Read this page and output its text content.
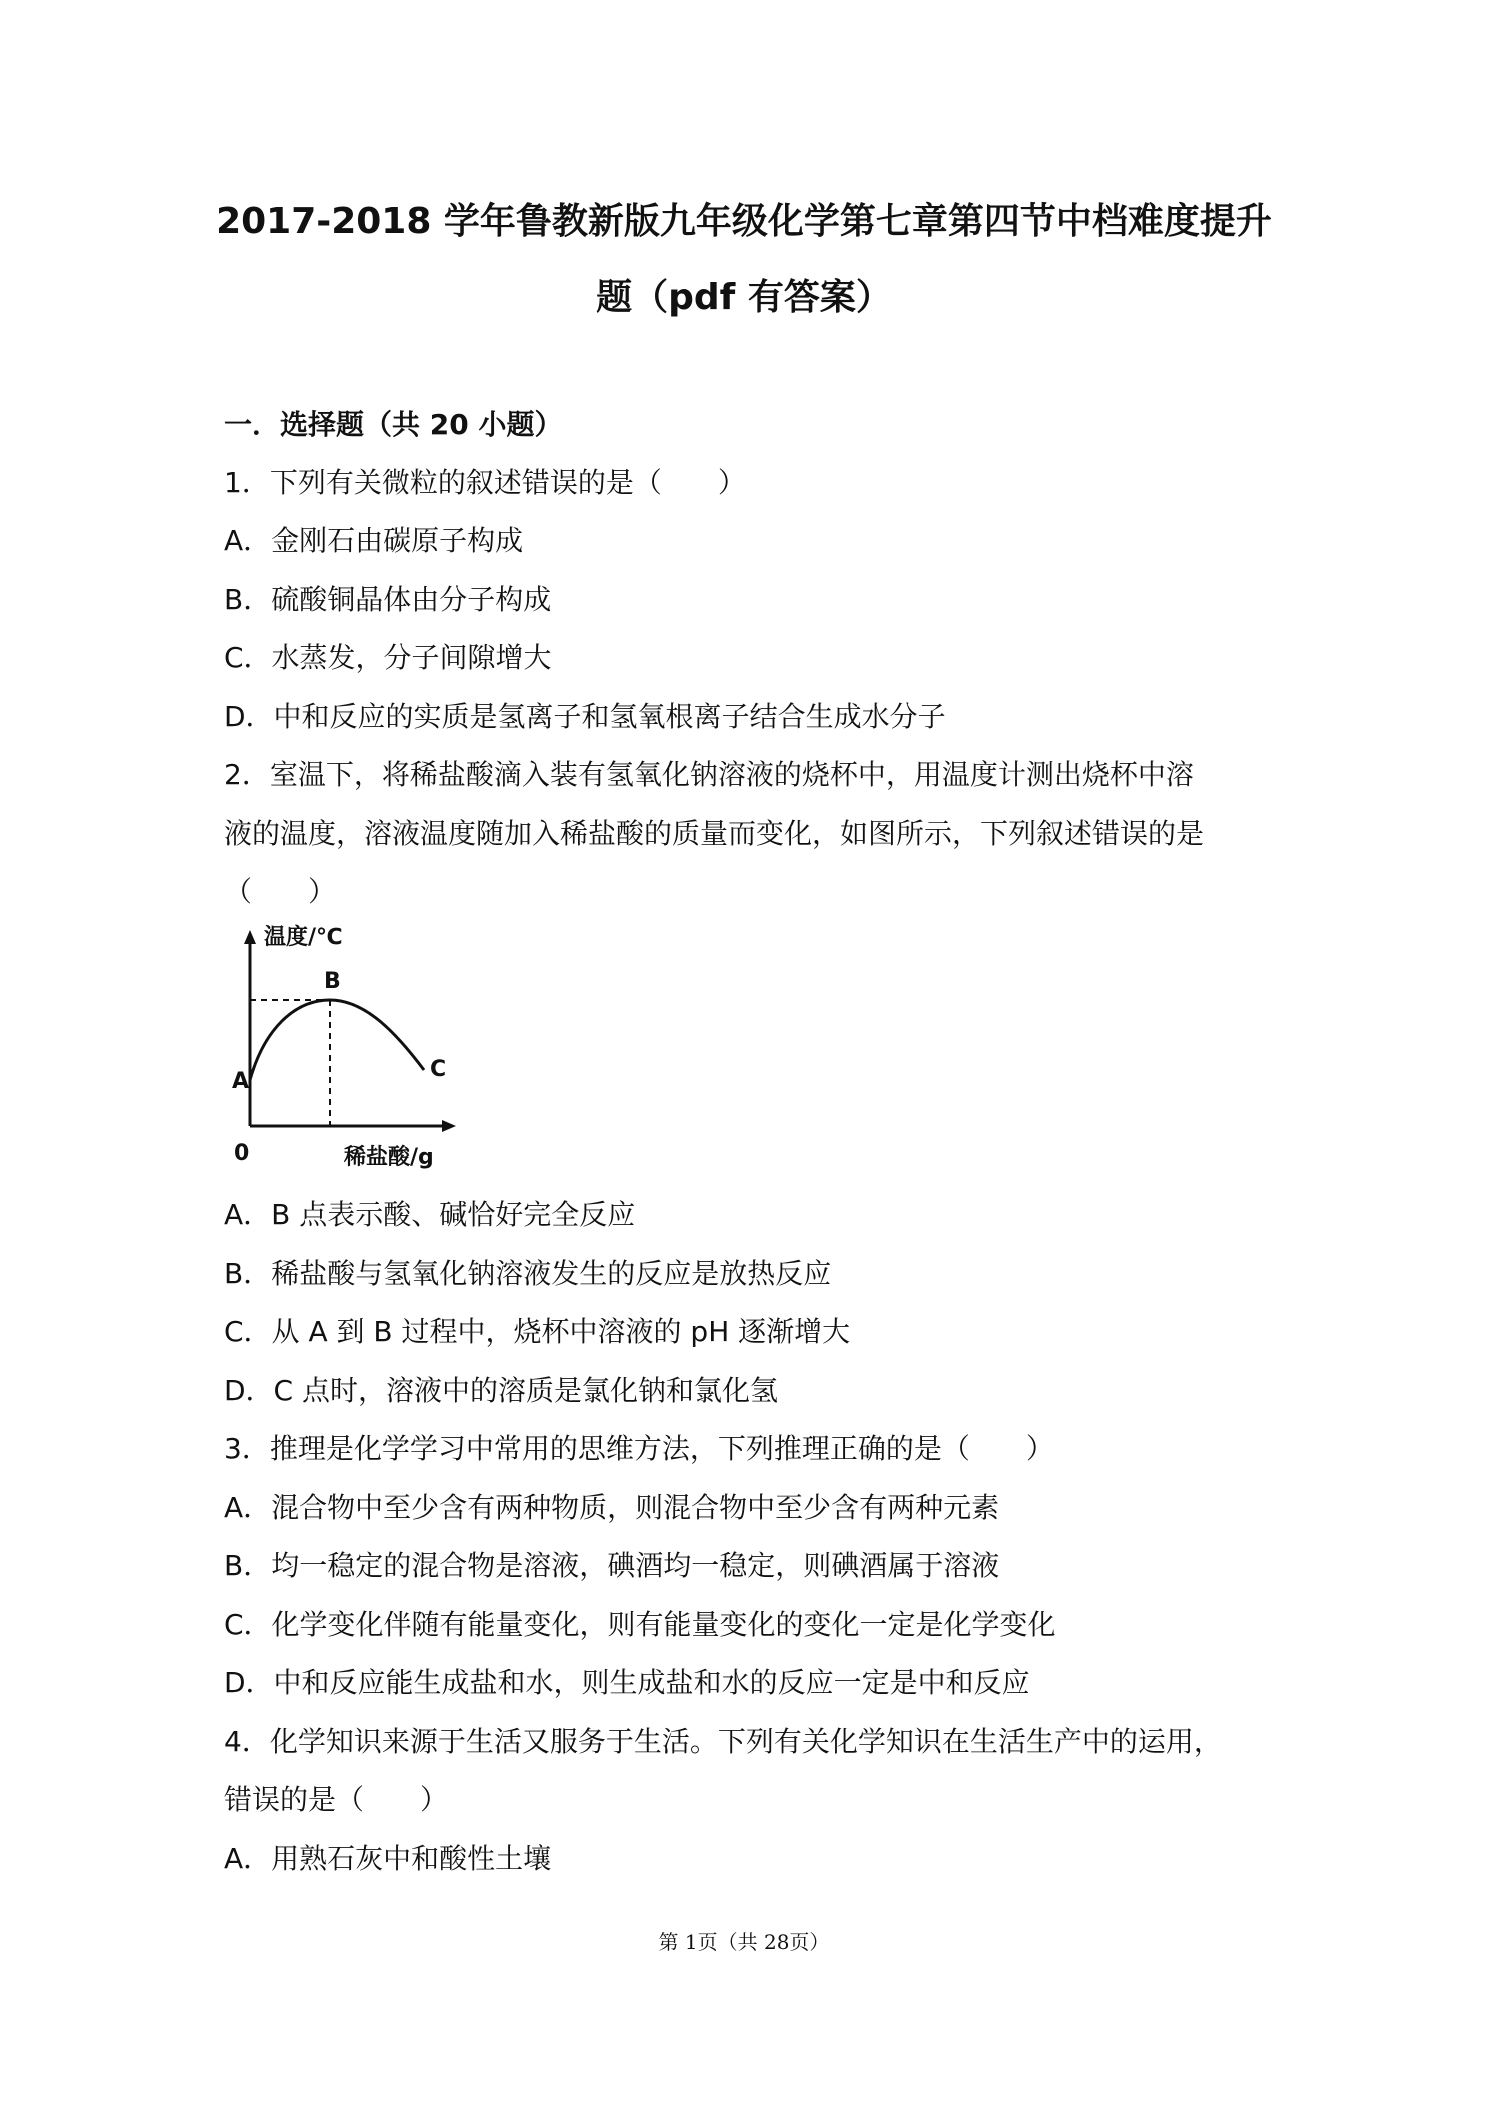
2017-2018 学年鲁教新版九年级化学第七章第四节中档难度提升
题（pdf 有答案）
一．选择题（共 20 小题）
1．下列有关微粒的叙述错误的是（　　）
A．金刚石由碳原子构成
B．硫酸铜晶体由分子构成
C．水蒸发，分子间隙增大
D．中和反应的实质是氢离子和氢氧根离子结合生成水分子
2．室温下，将稀盐酸滴入装有氢氧化钠溶液的烧杯中，用温度计测出烧杯中溶
液的温度，溶液温度随加入稀盐酸的质量而变化，如图所示，下列叙述错误的是
（　　）
温度/℃
B
A	C
0	稀盐酸/g
A．B 点表示酸、碱恰好完全反应
B．稀盐酸与氢氧化钠溶液发生的反应是放热反应
C．从 A 到 B 过程中，烧杯中溶液的 pH 逐渐增大
D．C 点时，溶液中的溶质是氯化钠和氯化氢
3．推理是化学学习中常用的思维方法，下列推理正确的是（　　）
A．混合物中至少含有两种物质，则混合物中至少含有两种元素
B．均一稳定的混合物是溶液，碘酒均一稳定，则碘酒属于溶液
C．化学变化伴随有能量变化，则有能量变化的变化一定是化学变化
D．中和反应能生成盐和水，则生成盐和水的反应一定是中和反应
4．化学知识来源于生活又服务于生活。下列有关化学知识在生活生产中的运用，
错误的是（　　）
A．用熟石灰中和酸性土壤
第 1页（共 28页）
